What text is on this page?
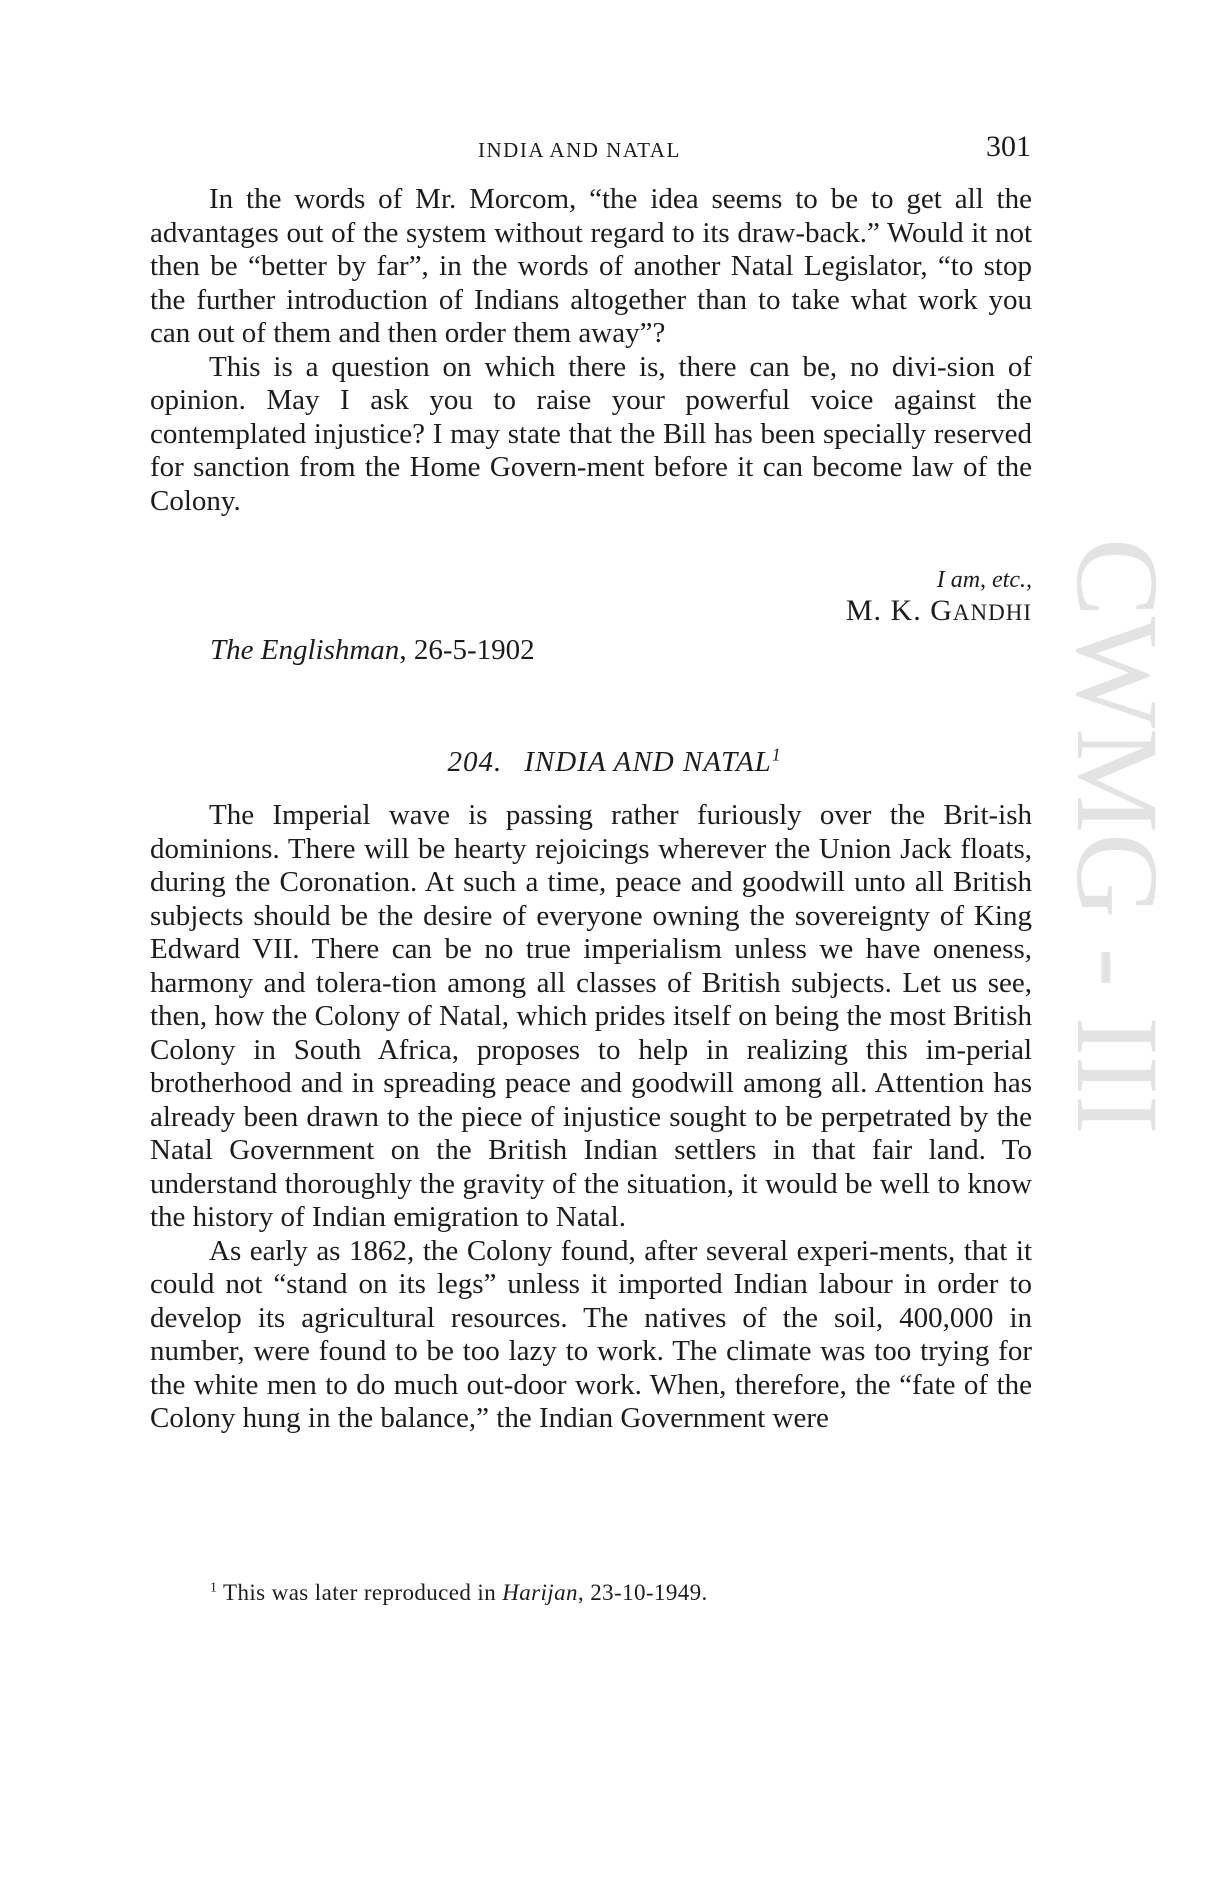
CWMG - III
INDIA AND NATAL	301

In the words of Mr. Morcom, “the idea seems to be to get all the advantages out of the system without regard to its draw-back.” Would it not then be “better by far”, in the words of another Natal Legislator, “to stop the further introduction of Indians altogether than to take what work you can out of them and then order them away”?

This is a question on which there is, there can be, no divi-sion of opinion. May I ask you to raise your powerful voice against the contemplated injustice? I may state that the Bill has been specially reserved for sanction from the Home Govern-ment before it can become law of the Colony.

I am, etc.,
M. K. GANDHI
The Englishman, 26-5-1902
204. INDIA AND NATAL$^1$

The Imperial wave is passing rather furiously over the Brit-ish dominions. There will be hearty rejoicings wherever the Union Jack floats, during the Coronation. At such a time, peace and goodwill unto all British subjects should be the desire of everyone owning the sovereignty of King Edward VII. There can be no true imperialism unless we have oneness, harmony and tolera-tion among all classes of British subjects. Let us see, then, how the Colony of Natal, which prides itself on being the most British Colony in South Africa, proposes to help in realizing this im-perial brotherhood and in spreading peace and goodwill among all. Attention has already been drawn to the piece of injustice sought to be perpetrated by the Natal Government on the British Indian settlers in that fair land. To understand thoroughly the gravity of the situation, it would be well to know the history of Indian emigration to Natal.

As early as 1862, the Colony found, after several experi-ments, that it could not “stand on its legs” unless it imported Indian labour in order to develop its agricultural resources. The natives of the soil, 400,000 in number, were found to be too lazy to work. The climate was too trying for the white men to do much out-door work. When, therefore, the “fate of the Colony hung in the balance,” the Indian Government were

$^1$ This was later reproduced in Harijan, 23-10-1949.
